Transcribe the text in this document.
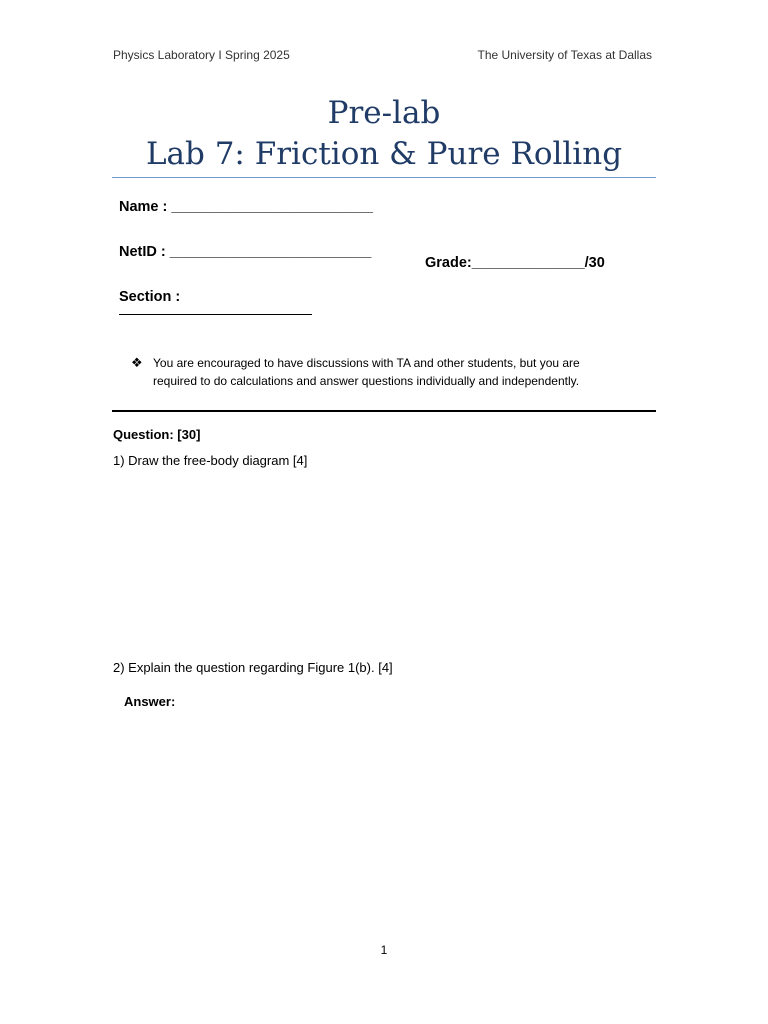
Physics Laboratory I Spring 2025	The University of Texas at Dallas
Pre-lab
Lab 7: Friction & Pure Rolling
Name : _________________________
NetID : _________________________
Section :
Grade:______________/30
❖ You are encouraged to have discussions with TA and other students, but you are
required to do calculations and answer questions individually and independently.
Question: [30]
1) Draw the free-body diagram [4]
2) Explain the question regarding Figure 1(b). [4]
Answer:
1
